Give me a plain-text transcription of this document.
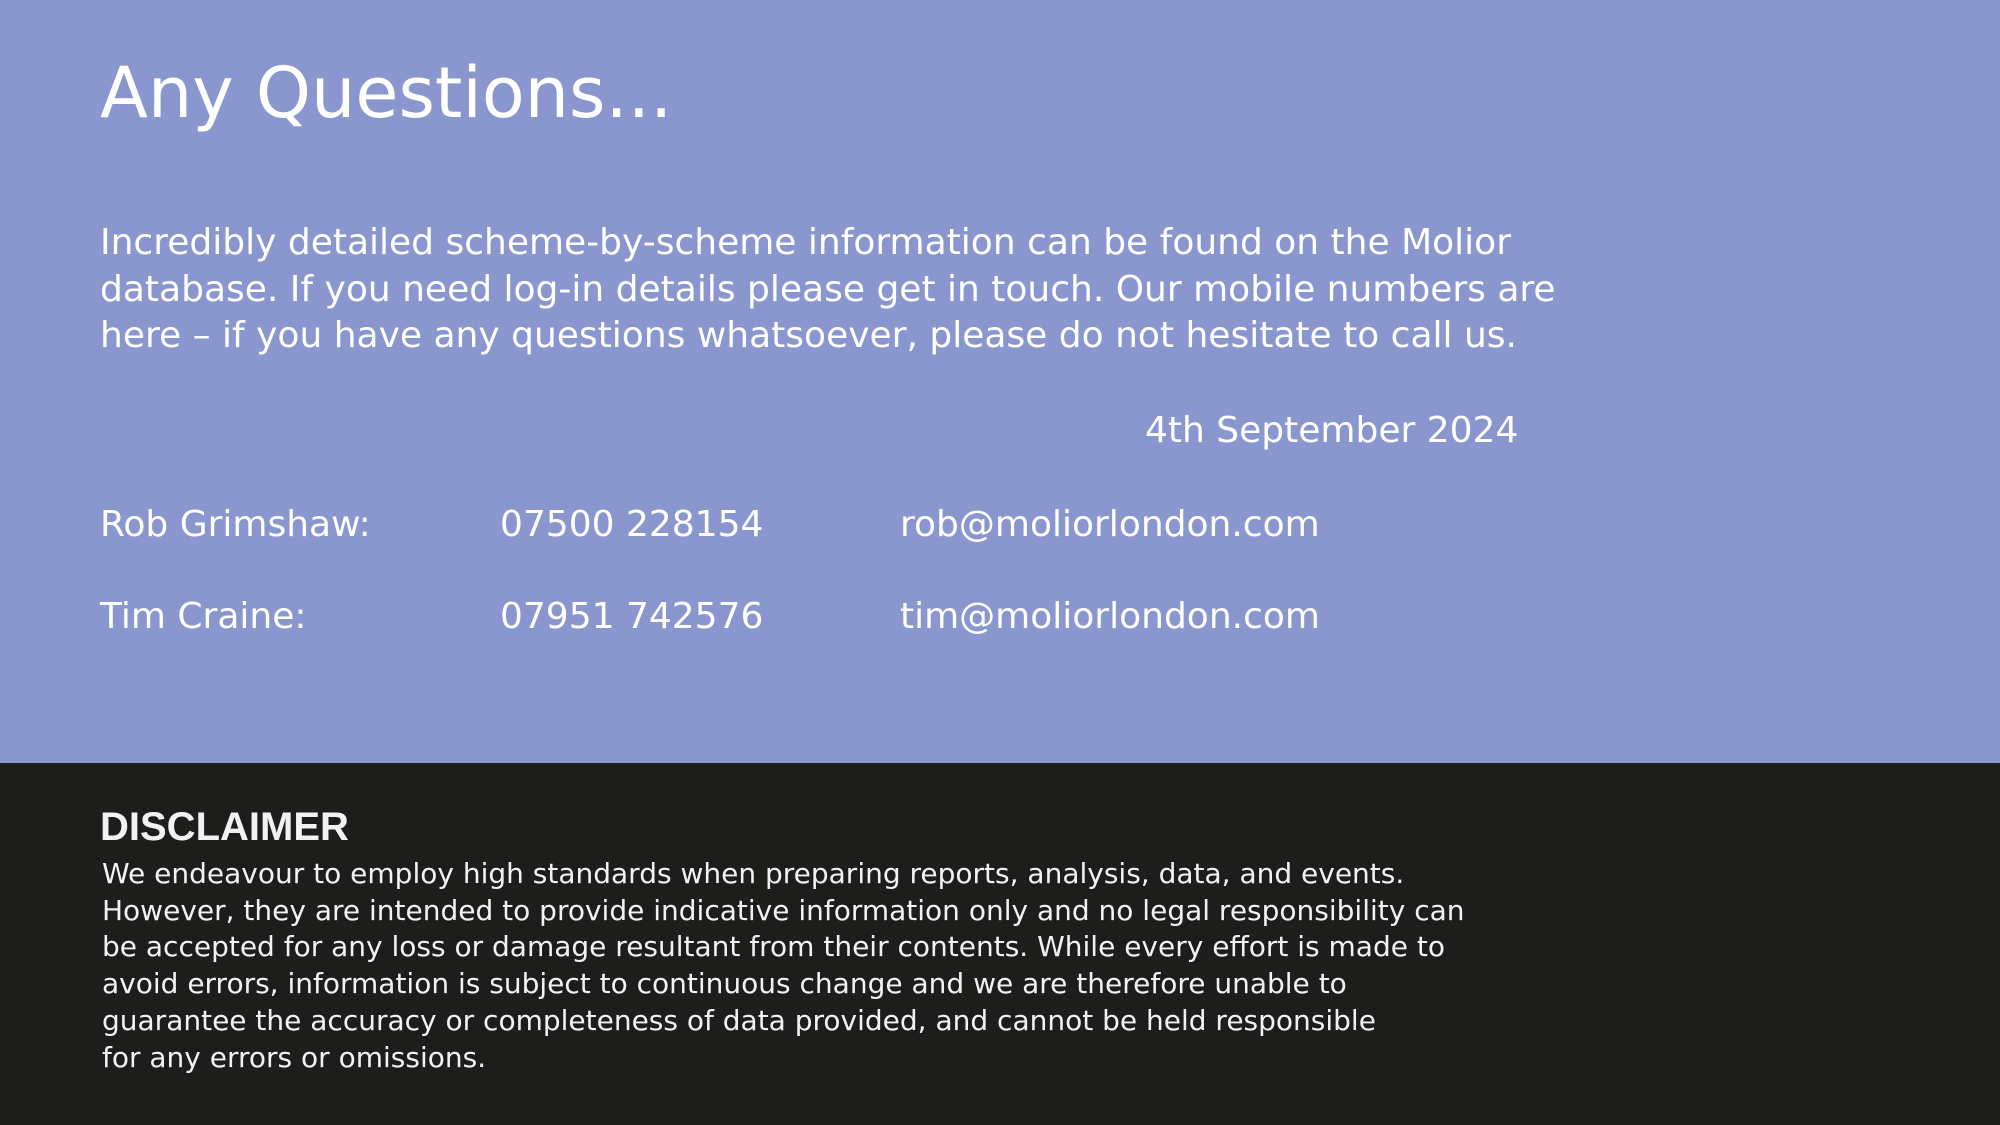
Any Questions...
Incredibly detailed scheme-by-scheme information can be found on the Molior
database. If you need log-in details please get in touch. Our mobile numbers are
here – if you have any questions whatsoever, please do not hesitate to call us.
4th September 2024
Rob Grimshaw:	07500 228154	rob@moliorlondon.com
Tim Craine:	07951 742576	tim@moliorlondon.com
DISCLAIMER
We endeavour to employ high standards when preparing reports, analysis, data, and events.
However, they are intended to provide indicative information only and no legal responsibility can
be accepted for any loss or damage resultant from their contents. While every effort is made to
avoid errors, information is subject to continuous change and we are therefore unable to
guarantee the accuracy or completeness of data provided, and cannot be held responsible
for any errors or omissions.
